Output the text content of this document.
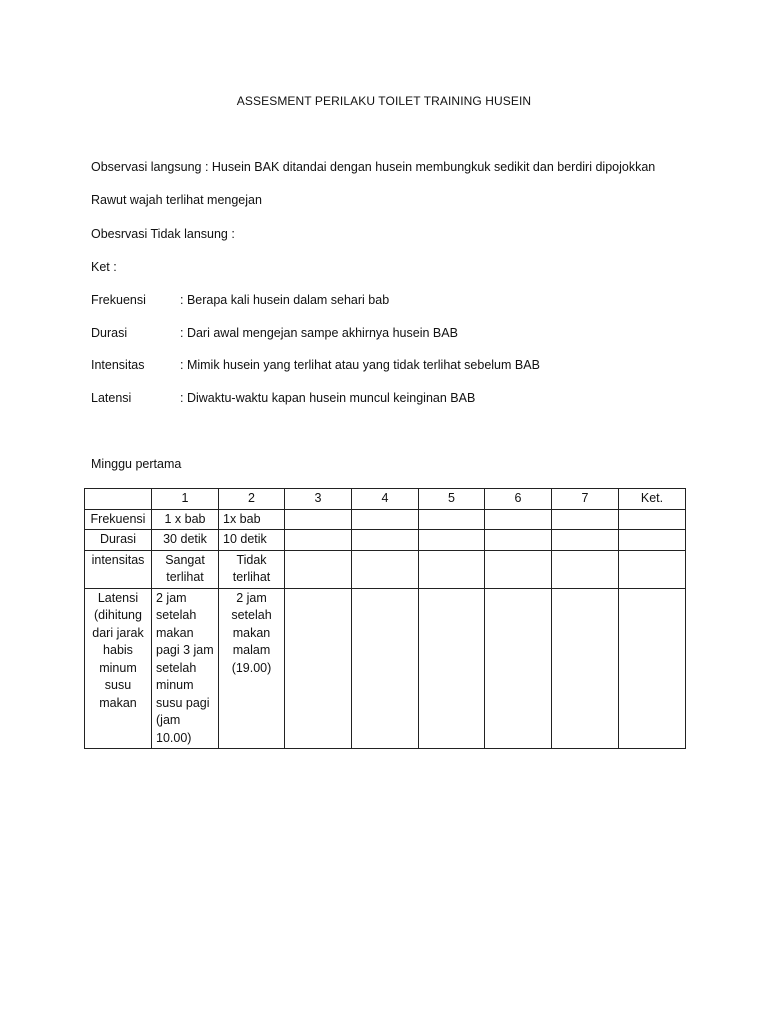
ASSESMENT PERILAKU TOILET TRAINING HUSEIN
Observasi langsung : Husein BAK ditandai dengan husein membungkuk sedikit dan berdiri dipojokkan
Rawut wajah terlihat mengejan
Obesrvasi Tidak lansung :
Ket :
Frekuensi	: Berapa kali husein dalam sehari bab
Durasi	: Dari awal mengejan sampe akhirnya husein BAB
Intensitas	: Mimik husein yang terlihat atau yang tidak terlihat sebelum BAB
Latensi	: Diwaktu-waktu kapan husein muncul keinginan BAB
Minggu pertama
	1	2	3	4	5	6	7	Ket.
Frekuensi	1 x bab	1x bab						
Durasi	30 detik	10 detik						
intensitas	Sangat terlihat	Tidak terlihat						
Latensi (dihitung dari jarak habis minum susu makan	2 jam setelah makan pagi 3 jam setelah minum susu pagi (jam 10.00)	2 jam setelah makan malam (19.00)						
